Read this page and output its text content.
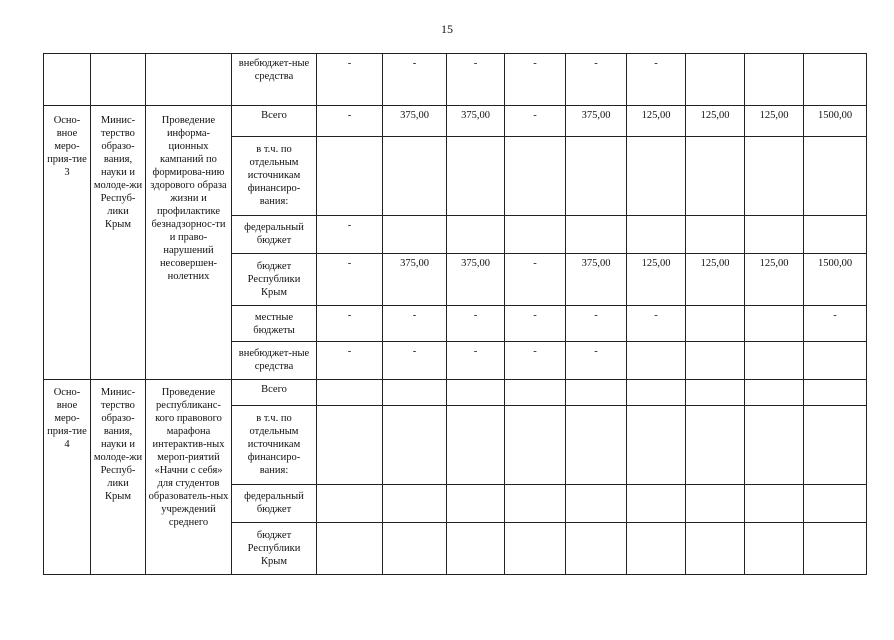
15
			внебюджет-ные средства	-	-	-	-	-	-			
Осно-вное меро-прия-тие 3	Минис-терство образо-вания, науки и молоде-жи Респуб-лики Крым	Проведение информа-ционных кампаний по формирова-нию здорового образа жизни и профилактике безнадзорнос-ти и право-нарушений несовершен-нолетних	Всего	-	375,00	375,00	-	375,00	125,00	125,00	125,00	1500,00
			в т.ч. по отдельным источникам финансиро-вания:									
			федеральный бюджет	-								
			бюджет Республики Крым	-	375,00	375,00	-	375,00	125,00	125,00	125,00	1500,00
			местные бюджеты	-	-	-	-	-	-			-
			внебюджет-ные средства	-	-	-	-	-				
Осно-вное меро-прия-тие 4	Минис-терство образо-вания, науки и молоде-жи Респуб-лики Крым	Проведение республиканс-кого правового марафона интерактив-ных мероп-риятий «Начни с себя» для студентов образователь-ных учреждений среднего	Всего									
			в т.ч. по отдельным источникам финансиро-вания:									
			федеральный бюджет									
			бюджет Республики Крым									
